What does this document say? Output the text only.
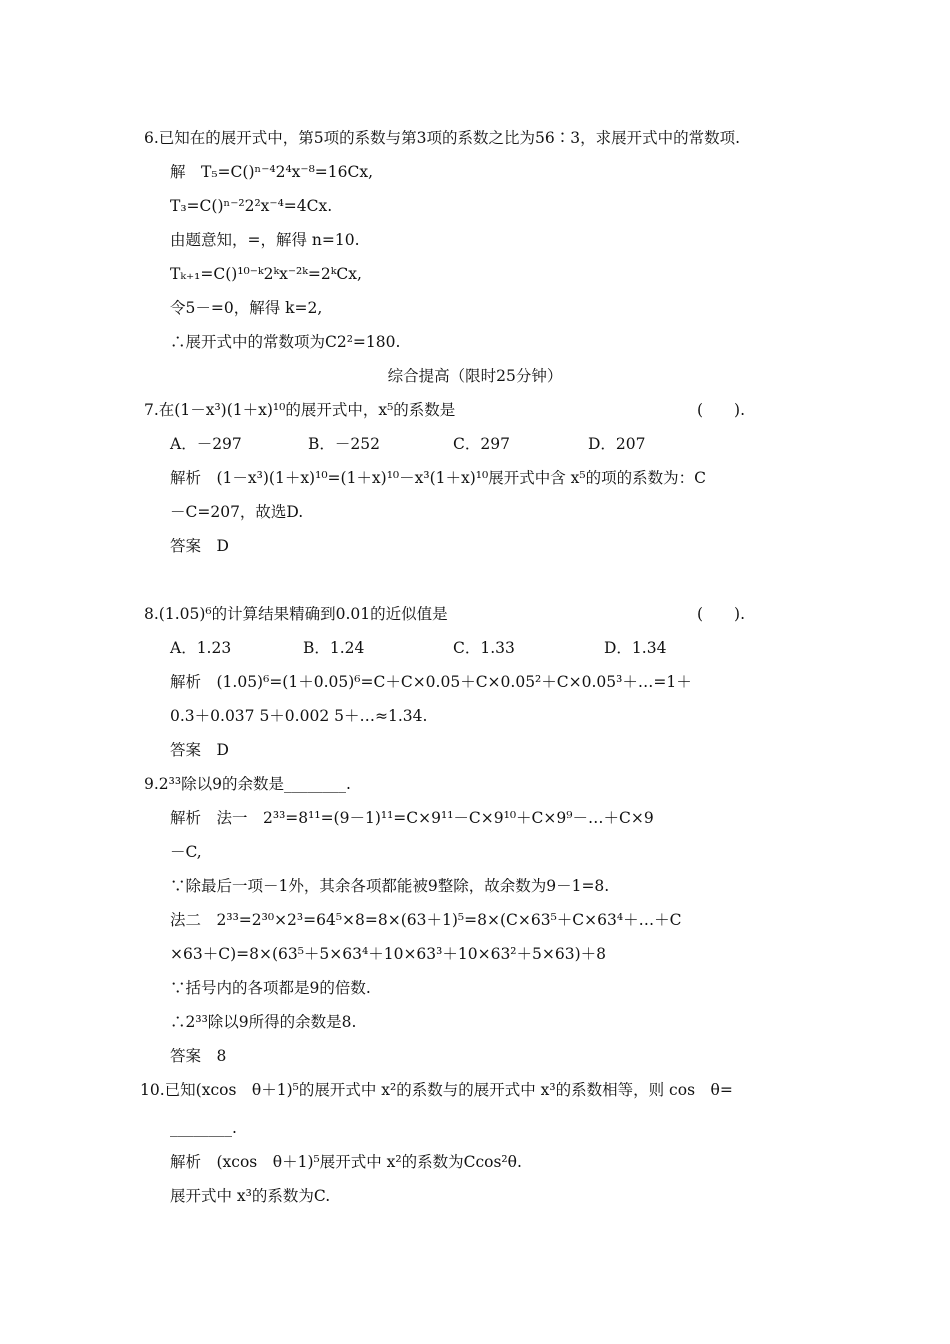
6.已知在的展开式中，第5项的系数与第3项的系数之比为56∶3，求展开式中的常数项.
解　T₅=C()ⁿ⁻⁴2⁴x⁻⁸=16Cx,
T₃=C()ⁿ⁻²2²x⁻⁴=4Cx.
由题意知，=，解得 n=10.
Tₖ₊₁=C()¹⁰⁻ᵏ2ᵏx⁻²ᵏ=2ᵏCx,
令5－=0，解得 k=2,
∴展开式中的常数项为C2²=180.
综合提高（限时25分钟）
7.在(1－x³)(1＋x)¹⁰的展开式中，x⁵的系数是	(　　).
A．－297	B．－252	C．297	D．207
解析　(1－x³)(1＋x)¹⁰=(1＋x)¹⁰－x³(1＋x)¹⁰展开式中含 x⁵的项的系数为：C
－C=207，故选D.
答案　D
8.(1.05)⁶的计算结果精确到0.01的近似值是	(　　).
A．1.23	B．1.24	C．1.33	D．1.34
解析　(1.05)⁶=(1＋0.05)⁶=C＋C×0.05＋C×0.05²＋C×0.05³＋…=1＋
0.3＋0.037 5＋0.002 5＋…≈1.34.
答案　D
9.2³³除以9的余数是________.
解析　法一　2³³=8¹¹=(9－1)¹¹=C×9¹¹－C×9¹⁰＋C×9⁹－…＋C×9
－C,
∵除最后一项－1外，其余各项都能被9整除，故余数为9－1=8.
法二　2³³=2³⁰×2³=64⁵×8=8×(63＋1)⁵=8×(C×63⁵＋C×63⁴＋…＋C
×63＋C)=8×(63⁵＋5×63⁴＋10×63³＋10×63²＋5×63)＋8
∵括号内的各项都是9的倍数.
∴2³³除以9所得的余数是8.
答案　8
10.已知(xcos　θ＋1)⁵的展开式中 x²的系数与的展开式中 x³的系数相等，则 cos　θ=
________.
解析　(xcos　θ＋1)⁵展开式中 x²的系数为Ccos²θ.
展开式中 x³的系数为C.
